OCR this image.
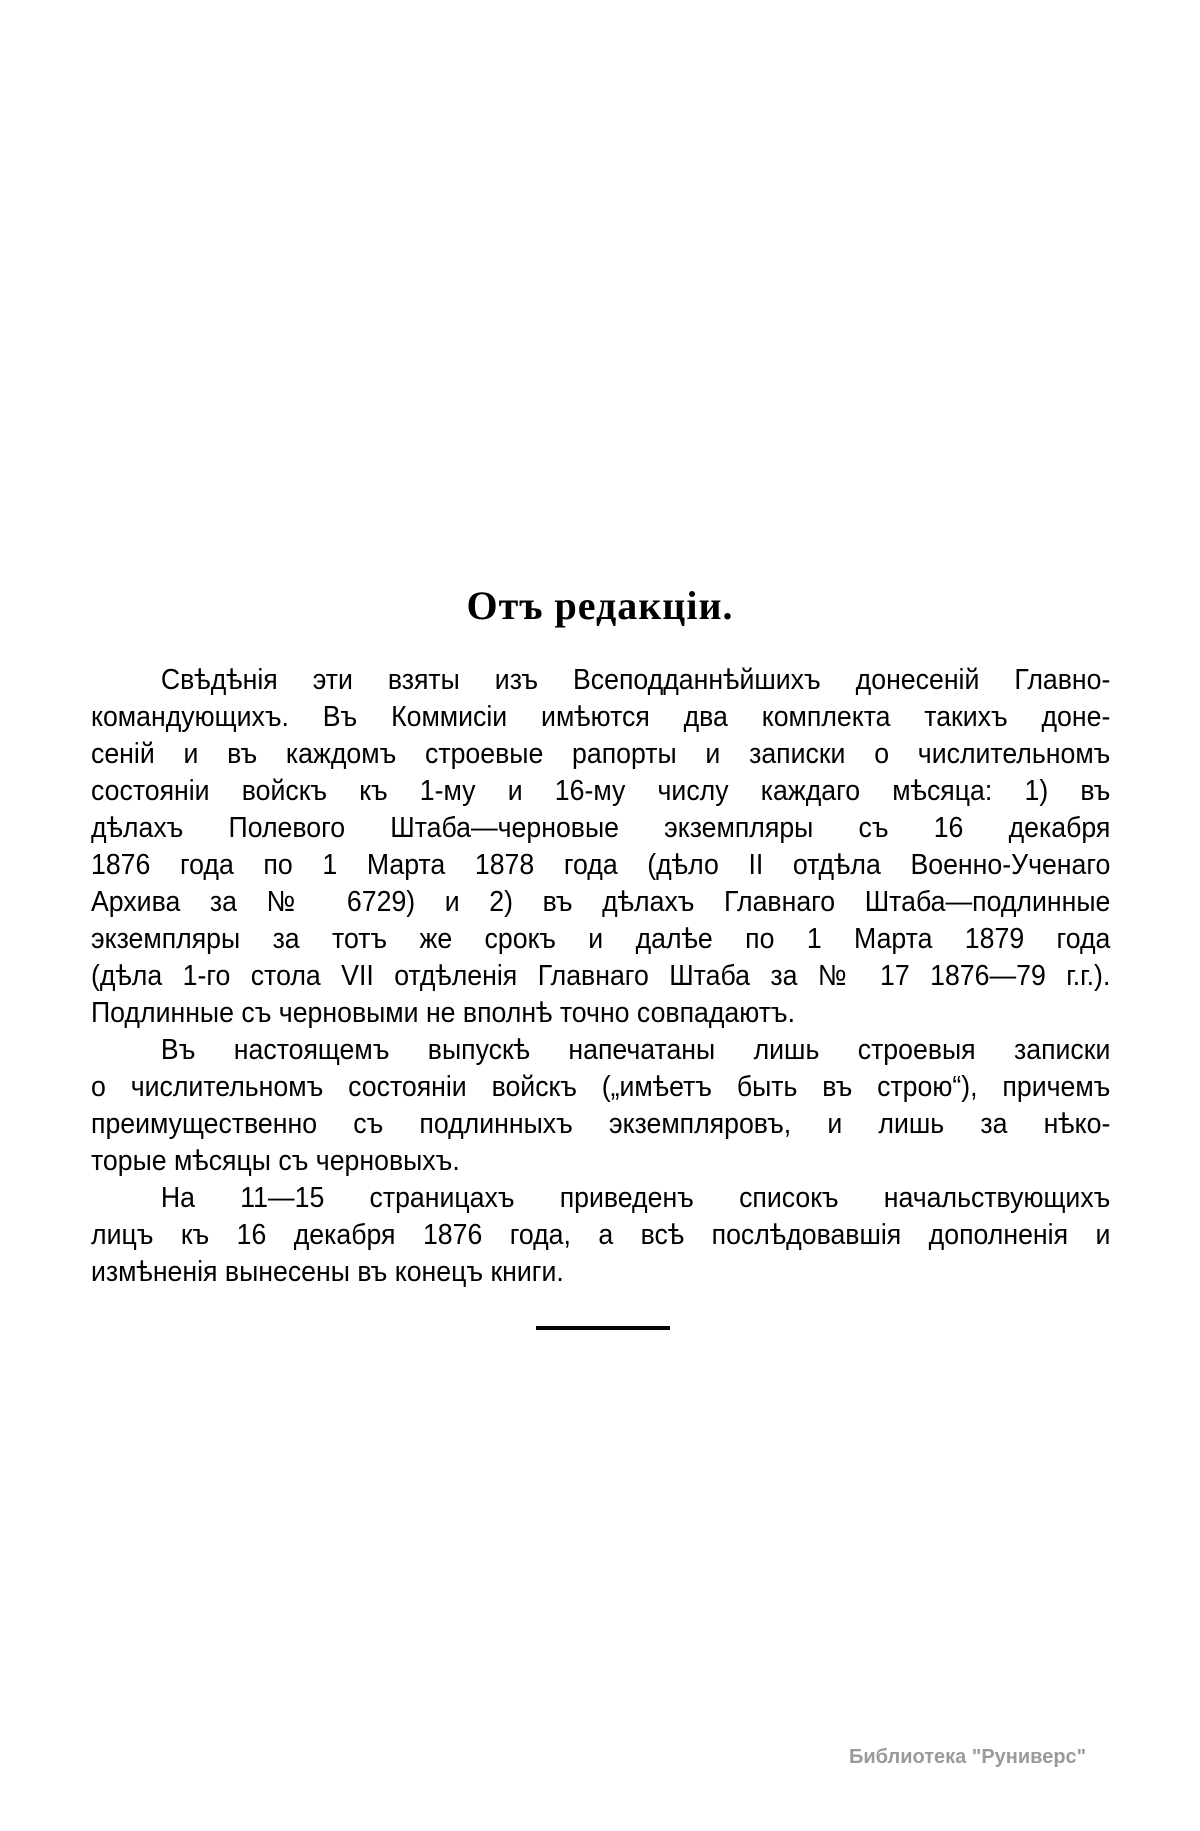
Отъ редакціи.
Свѣдѣнія эти взяты изъ Всеподданнѣйшихъ донесеній Главно-
командующихъ. Въ Коммисіи имѣются два комплекта такихъ доне-
сеній и въ каждомъ строевые рапорты и записки о числительномъ
состояніи войскъ къ 1-му и 16-му числу каждаго мѣсяца: 1) въ
дѣлахъ Полевого Штаба—черновые экземпляры съ 16 декабря
1876 года по 1 Марта 1878 года (дѣло II отдѣла Военно-Ученаго
Архива за № 6729) и 2) въ дѣлахъ Главнаго Штаба—подлинные
экземпляры за тотъ же срокъ и далѣе по 1 Марта 1879 года
(дѣла 1-го стола VII отдѣленія Главнаго Штаба за № 17 1876—79 г.г.).
Подлинные съ черновыми не вполнѣ точно совпадаютъ.
Въ настоящемъ выпускѣ напечатаны лишь строевыя записки
о числительномъ состояніи войскъ („имѣетъ быть въ строю“), причемъ
преимущественно съ подлинныхъ экземпляровъ, и лишь за нѣко-
торые мѣсяцы съ черновыхъ.
На 11—15 страницахъ приведенъ списокъ начальствующихъ
лицъ къ 16 декабря 1876 года, а всѣ послѣдовавшія дополненія и
измѣненія вынесены въ конецъ книги.
Библиотека "Руниверс"
